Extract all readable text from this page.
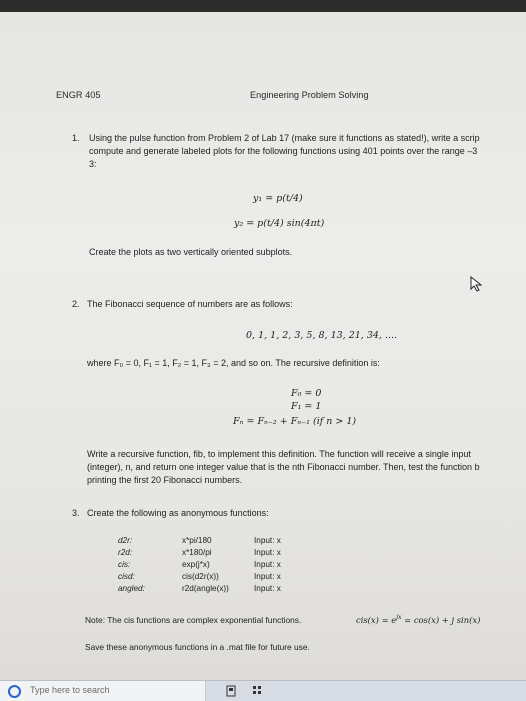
ENGR 405	Engineering Problem Solving
1. Using the pulse function from Problem 2 of Lab 17 (make sure it functions as stated!), write a scrip
compute and generate labeled plots for the following functions using 401 points over the range –3
3:
y₁ = p(t/4)
y₂ = p(t/4) sin(4πt)
Create the plots as two vertically oriented subplots.
2. The Fibonacci sequence of numbers are as follows:
0, 1, 1, 2, 3, 5, 8, 13, 21, 34, ....
where F₀ = 0, F₁ = 1, F₂ = 1, F₃ = 2, and so on. The recursive definition is:
F₀ = 0
F₁ = 1
Fₙ = Fₙ₋₂ + Fₙ₋₁ (if n > 1)
Write a recursive function, fib, to implement this definition. The function will receive a single input
(integer), n, and return one integer value that is the nth Fibonacci number. Then, test the function b
printing the first 20 Fibonacci numbers.
3. Create the following as anonymous functions:
d2r:	x*pi/180	Input: x
r2d:	x*180/pi	Input: x
cis:	exp(j*x)	Input: x
cisd:	cis(d2r(x))	Input: x
angled:	r2d(angle(x))	Input: x
Note: The cis functions are complex exponential functions.	$cis(x) = e^{jx} = \cos(x) + j$ sin(x)
Save these anonymous functions in a .mat file for future use.
Type here to search
